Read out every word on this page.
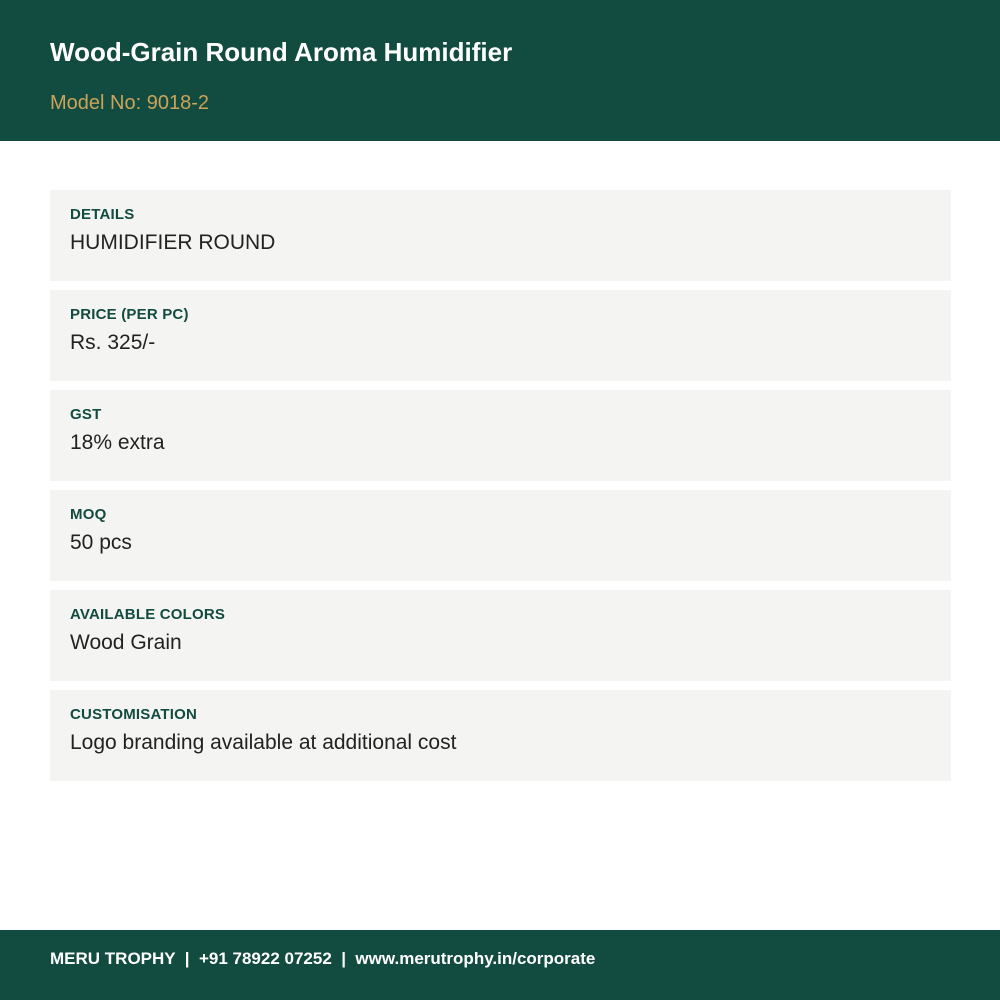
Wood-Grain Round Aroma Humidifier
Model No: 9018-2
DETAILS
HUMIDIFIER ROUND
PRICE (PER PC)
Rs. 325/-
GST
18% extra
MOQ
50 pcs
AVAILABLE COLORS
Wood Grain
CUSTOMISATION
Logo branding available at additional cost
MERU TROPHY  |  +91 78922 07252  |  www.merutrophy.in/corporate
